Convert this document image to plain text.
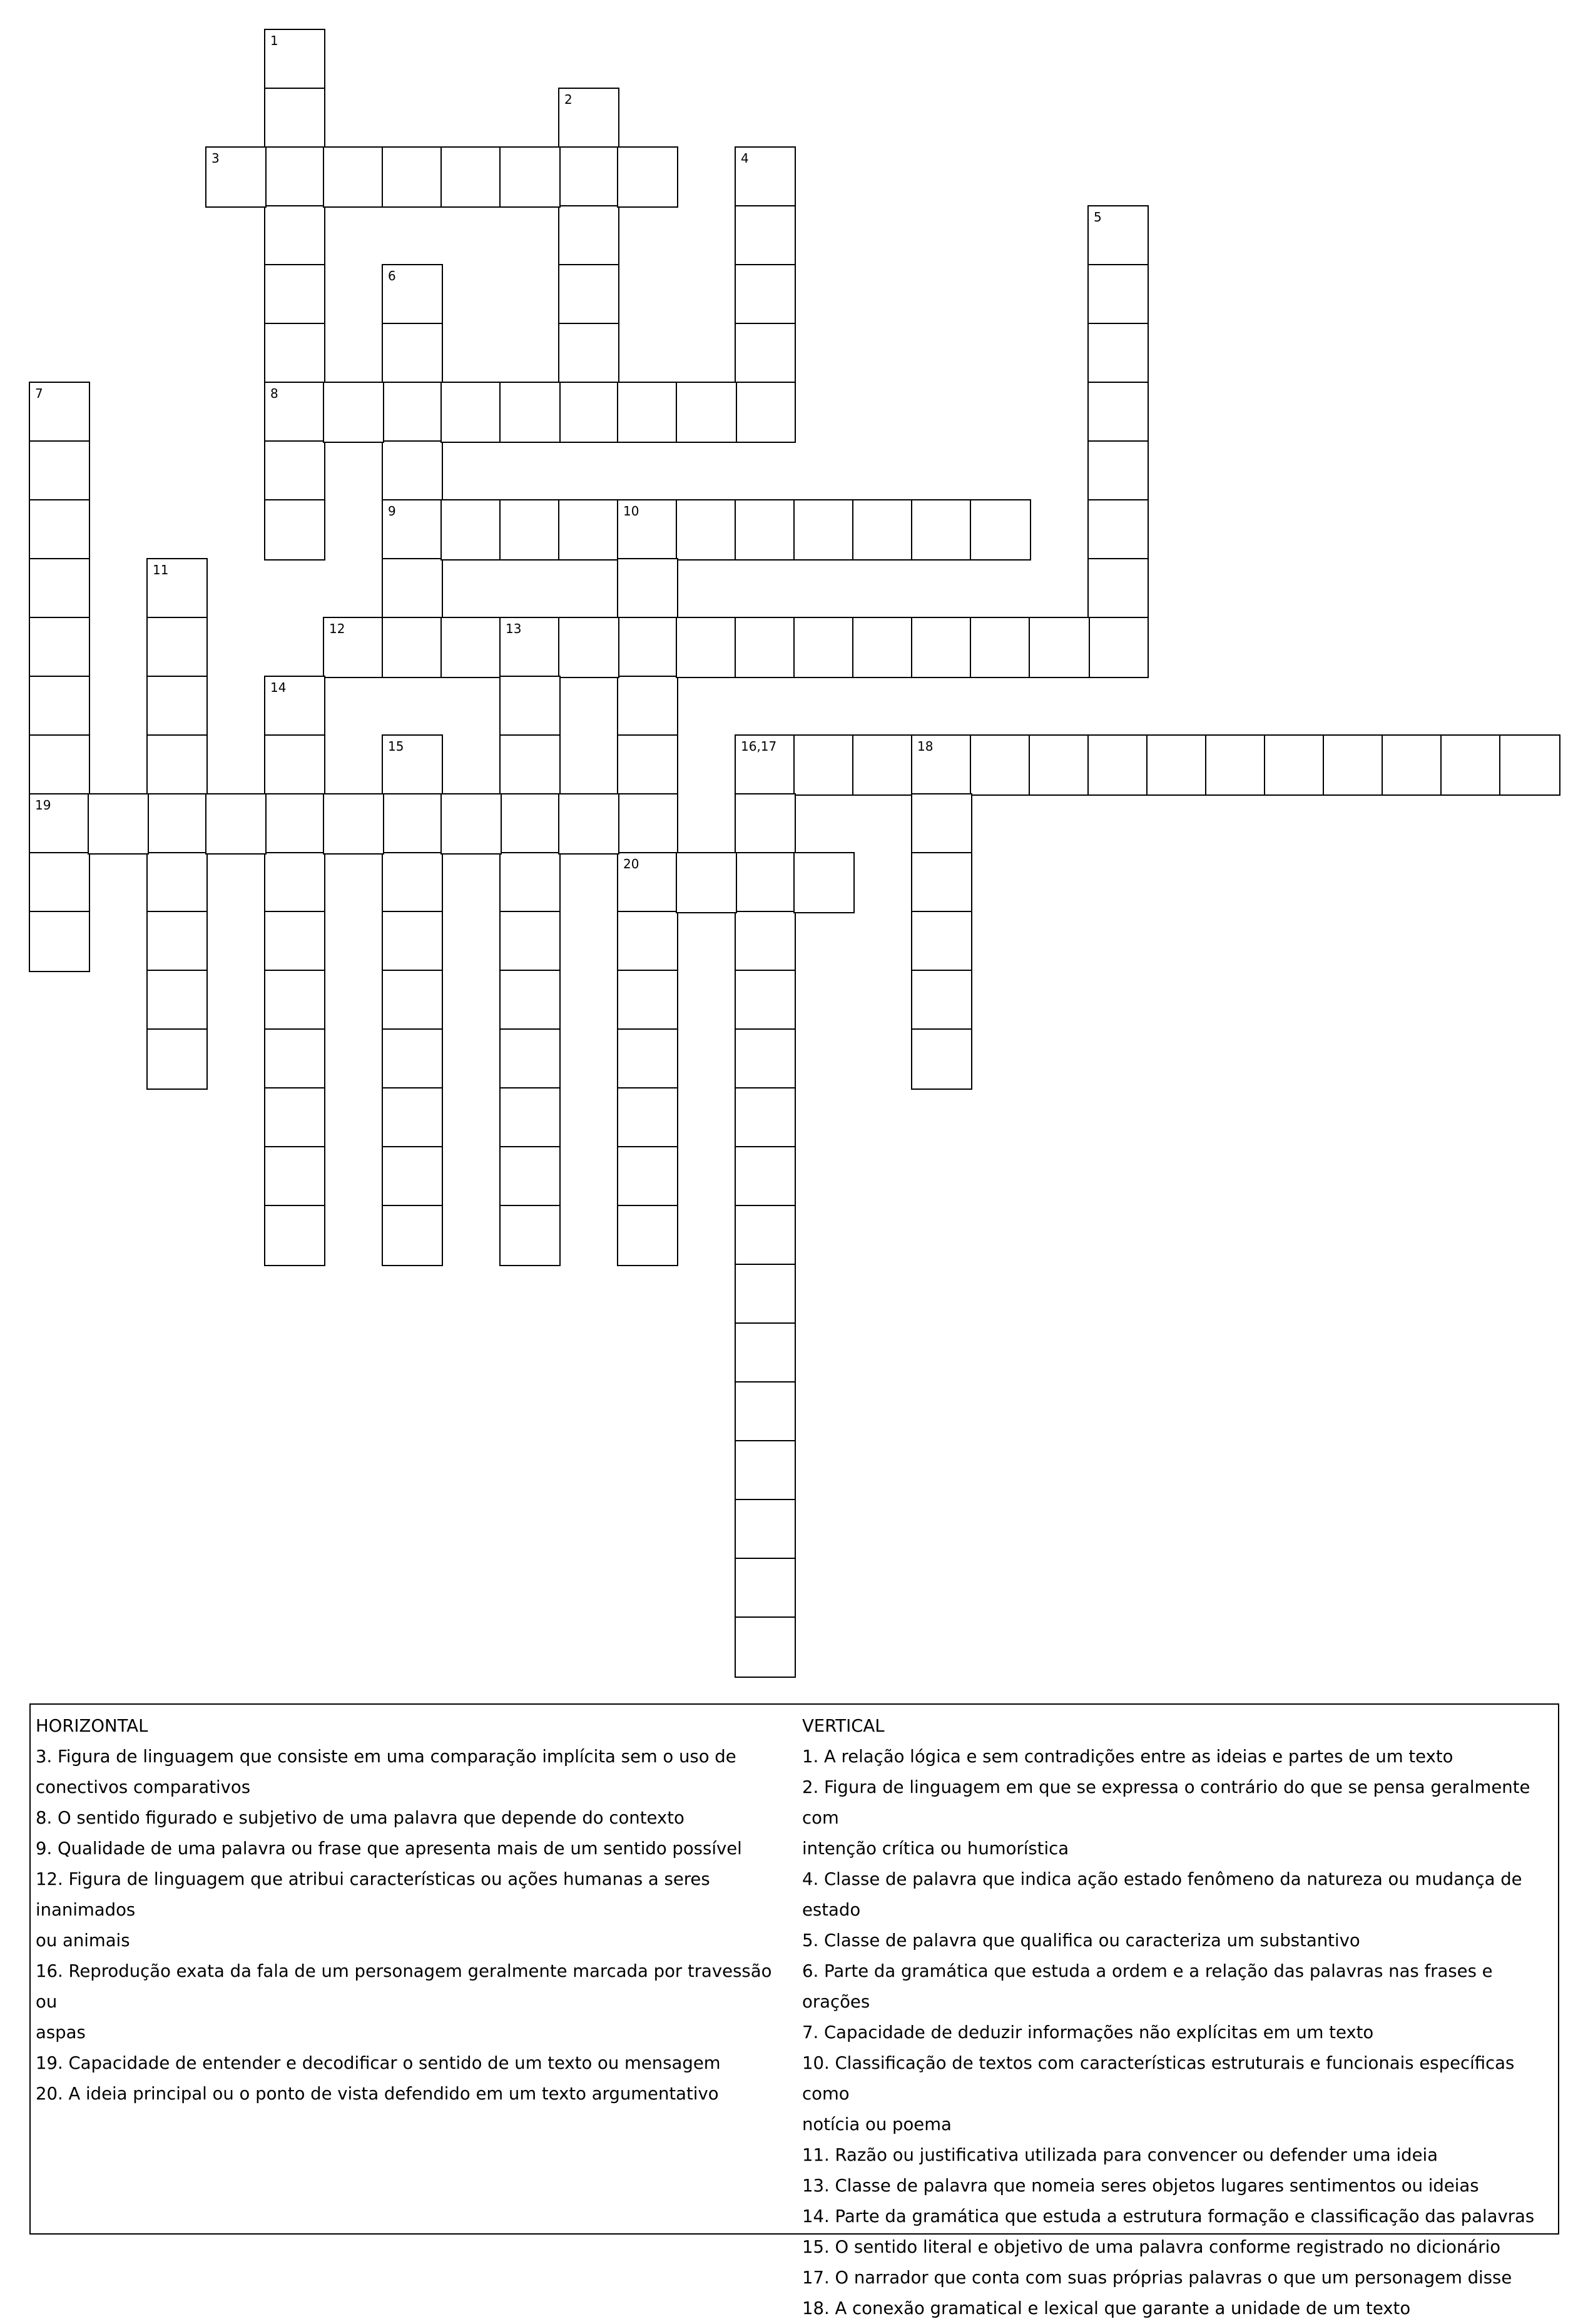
1
8
2
3	4
5
6
9
7
19
10
20
11
12	13
14
15	16,17	18
HORIZONTAL
3. Figura de linguagem que consiste em uma comparação implícita sem o uso de
conectivos comparativos
8. O sentido figurado e subjetivo de uma palavra que depende do contexto
9. Qualidade de uma palavra ou frase que apresenta mais de um sentido possível
12. Figura de linguagem que atribui características ou ações humanas a seres inanimados
ou animais
16. Reprodução exata da fala de um personagem geralmente marcada por travessão ou
aspas
19. Capacidade de entender e decodificar o sentido de um texto ou mensagem
20. A ideia principal ou o ponto de vista defendido em um texto argumentativo
VERTICAL
1. A relação lógica e sem contradições entre as ideias e partes de um texto
2. Figura de linguagem em que se expressa o contrário do que se pensa geralmente com
intenção crítica ou humorística
4. Classe de palavra que indica ação estado fenômeno da natureza ou mudança de estado
5. Classe de palavra que qualifica ou caracteriza um substantivo
6. Parte da gramática que estuda a ordem e a relação das palavras nas frases e orações
7. Capacidade de deduzir informações não explícitas em um texto
10. Classificação de textos com características estruturais e funcionais específicas como
notícia ou poema
11. Razão ou justificativa utilizada para convencer ou defender uma ideia
13. Classe de palavra que nomeia seres objetos lugares sentimentos ou ideias
14. Parte da gramática que estuda a estrutura formação e classificação das palavras
15. O sentido literal e objetivo de uma palavra conforme registrado no dicionário
17. O narrador que conta com suas próprias palavras o que um personagem disse
18. A conexão gramatical e lexical que garante a unidade de um texto
